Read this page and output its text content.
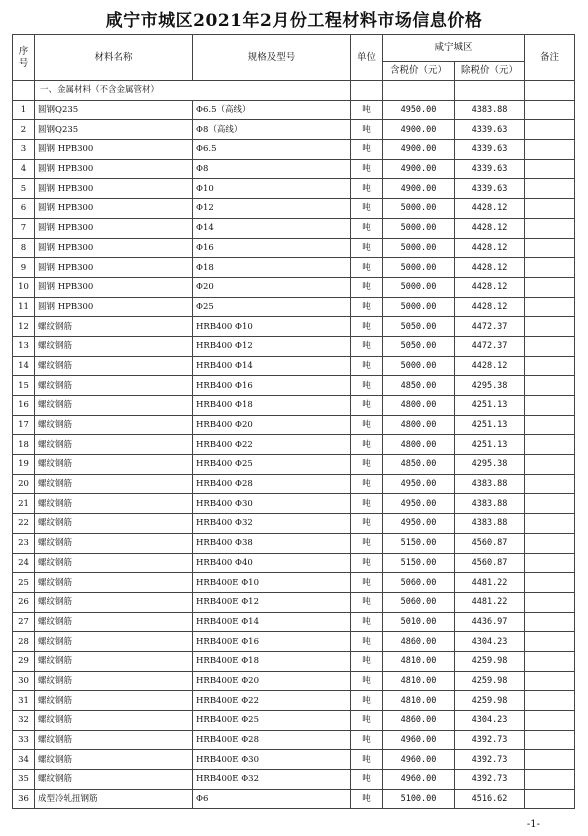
咸宁市城区2021年2月份工程材料市场信息价格
序号	材料名称	规格及型号	单位	咸宁城区		备注
				含税价（元）	除税价（元）	
	一、金属材料（不含金属管材）					
1	圆钢Q235	Φ6.5（高线）	吨	4950.00	4383.88	
2	圆钢Q235	Φ8（高线）	吨	4900.00	4339.63	
3	圆钢 HPB300	Φ6.5	吨	4900.00	4339.63	
4	圆钢 HPB300	Φ8	吨	4900.00	4339.63	
5	圆钢 HPB300	Φ10	吨	4900.00	4339.63	
6	圆钢 HPB300	Φ12	吨	5000.00	4428.12	
7	圆钢 HPB300	Φ14	吨	5000.00	4428.12	
8	圆钢 HPB300	Φ16	吨	5000.00	4428.12	
9	圆钢 HPB300	Φ18	吨	5000.00	4428.12	
10	圆钢 HPB300	Φ20	吨	5000.00	4428.12	
11	圆钢 HPB300	Φ25	吨	5000.00	4428.12	
12	螺纹钢筋	HRB400 Φ10	吨	5050.00	4472.37	
13	螺纹钢筋	HRB400 Φ12	吨	5050.00	4472.37	
14	螺纹钢筋	HRB400 Φ14	吨	5000.00	4428.12	
15	螺纹钢筋	HRB400 Φ16	吨	4850.00	4295.38	
16	螺纹钢筋	HRB400 Φ18	吨	4800.00	4251.13	
17	螺纹钢筋	HRB400 Φ20	吨	4800.00	4251.13	
18	螺纹钢筋	HRB400 Φ22	吨	4800.00	4251.13	
19	螺纹钢筋	HRB400 Φ25	吨	4850.00	4295.38	
20	螺纹钢筋	HRB400 Φ28	吨	4950.00	4383.88	
21	螺纹钢筋	HRB400 Φ30	吨	4950.00	4383.88	
22	螺纹钢筋	HRB400 Φ32	吨	4950.00	4383.88	
23	螺纹钢筋	HRB400 Φ38	吨	5150.00	4560.87	
24	螺纹钢筋	HRB400 Φ40	吨	5150.00	4560.87	
25	螺纹钢筋	HRB400E Φ10	吨	5060.00	4481.22	
26	螺纹钢筋	HRB400E Φ12	吨	5060.00	4481.22	
27	螺纹钢筋	HRB400E Φ14	吨	5010.00	4436.97	
28	螺纹钢筋	HRB400E Φ16	吨	4860.00	4304.23	
29	螺纹钢筋	HRB400E Φ18	吨	4810.00	4259.98	
30	螺纹钢筋	HRB400E Φ20	吨	4810.00	4259.98	
31	螺纹钢筋	HRB400E Φ22	吨	4810.00	4259.98	
32	螺纹钢筋	HRB400E Φ25	吨	4860.00	4304.23	
33	螺纹钢筋	HRB400E Φ28	吨	4960.00	4392.73	
34	螺纹钢筋	HRB400E Φ30	吨	4960.00	4392.73	
35	螺纹钢筋	HRB400E Φ32	吨	4960.00	4392.73	
36	成型冷轧扭钢筋	Φ6	吨	5100.00	4516.62	
-1-
